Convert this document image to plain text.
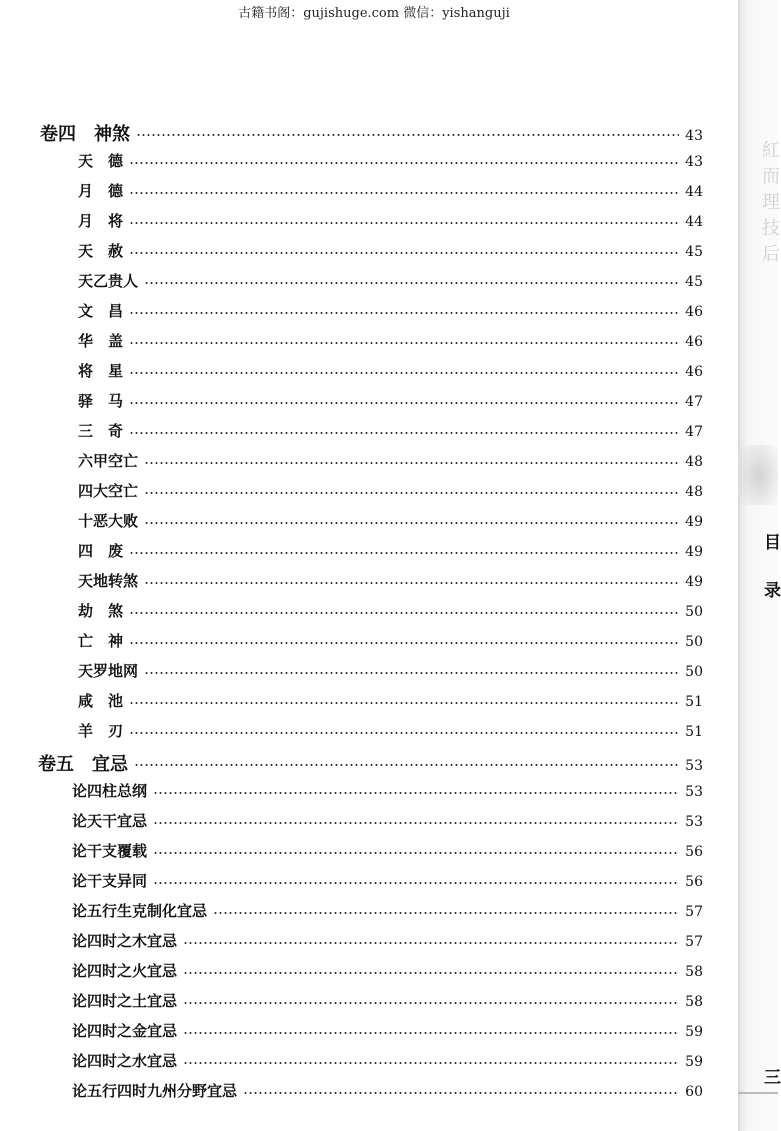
古籍书阁：gujishuge.com 微信：yishanguji
紅
而
理
技
后
目
录
三
卷四　神煞	43
天　德	43
月　德	44
月　将	44
天　赦	45
天乙贵人	45
文　昌	46
华　盖	46
将　星	46
驿　马	47
三　奇	47
六甲空亡	48
四大空亡	48
十恶大败	49
四　废	49
天地转煞	49
劫　煞	50
亡　神	50
天罗地网	50
咸　池	51
羊　刃	51
卷五　宜忌	53
论四柱总纲	53
论天干宜忌	53
论干支覆载	56
论干支异同	56
论五行生克制化宜忌	57
论四时之木宜忌	57
论四时之火宜忌	58
论四时之土宜忌	58
论四时之金宜忌	59
论四时之水宜忌	59
论五行四时九州分野宜忌	60
